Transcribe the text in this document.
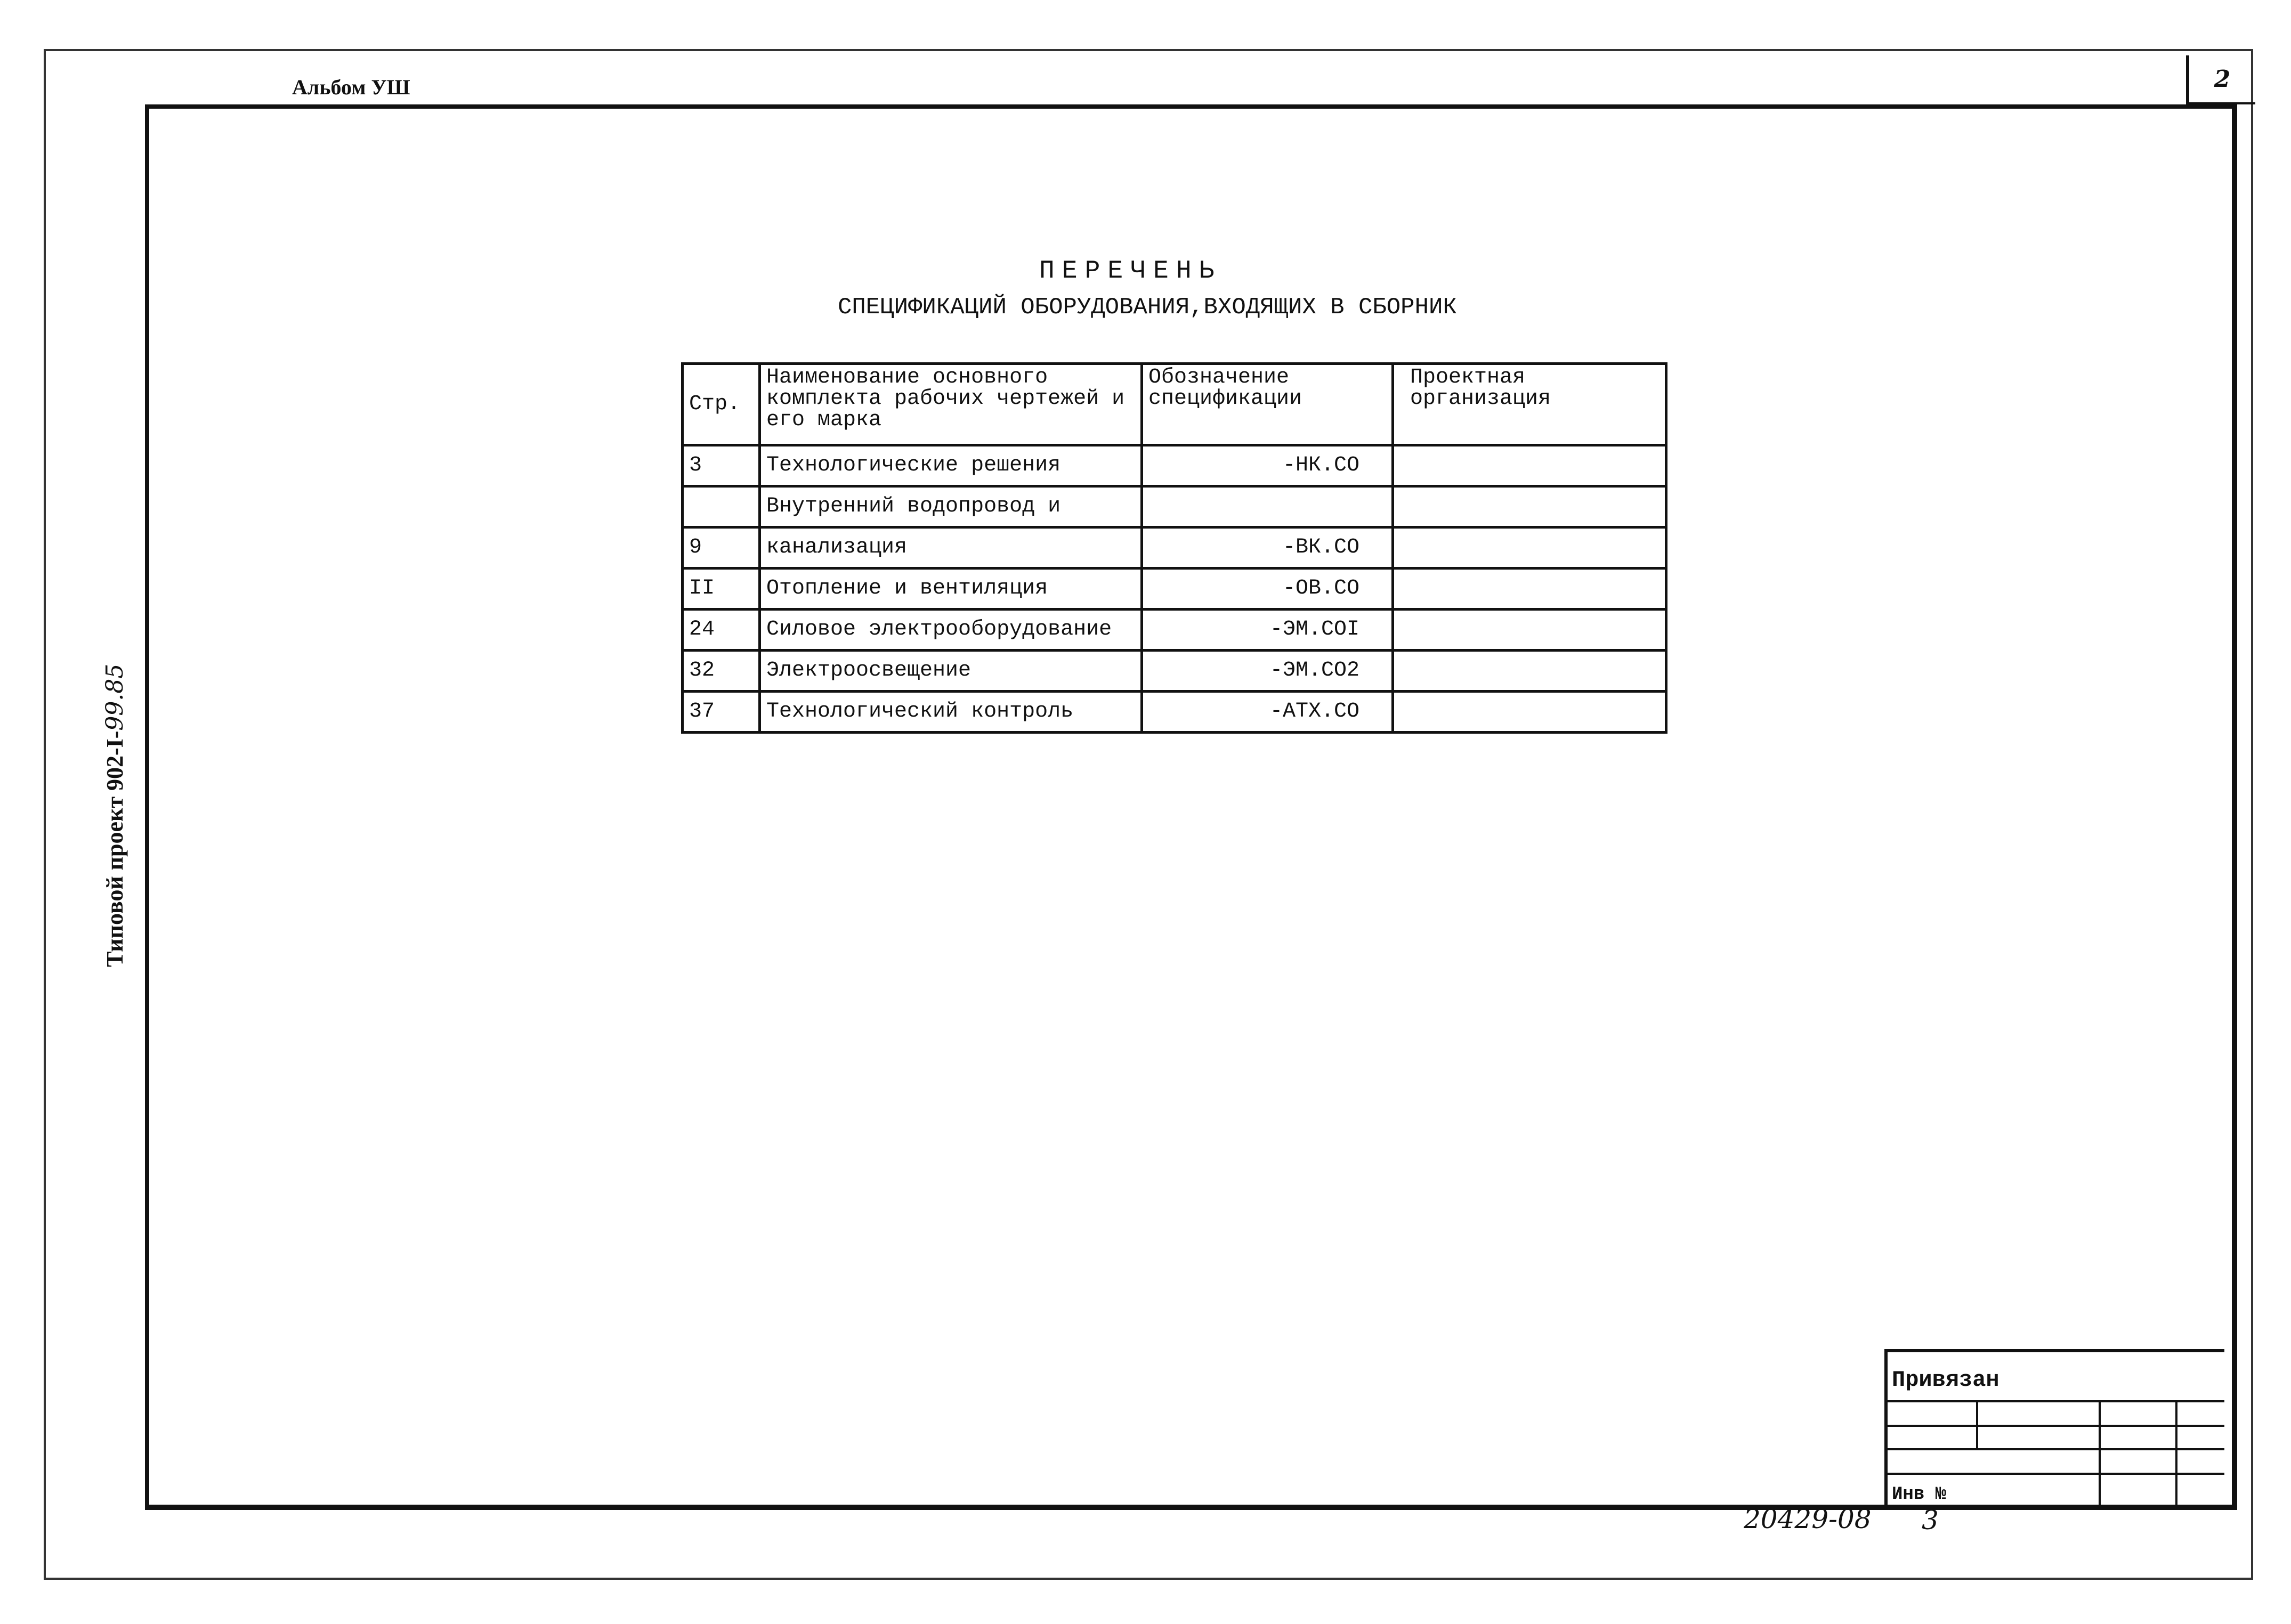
2
Альбом УШ
Типовой проект 902-I-99.85
ПЕРЕЧЕНЬ
СПЕЦИФИКАЦИЙ ОБОРУДОВАНИЯ,ВХОДЯЩИХ В СБОРНИК
Стр.	Наименование основного комплекта рабочих чертежей и его марка	Обозначение спецификации	Проектная организация
3	Технологические решения	-НК.СО	
	Внутренний водопровод и		
9	канализация	-ВК.СО	
II	Отопление и вентиляция	-ОВ.СО	
24	Силовое электрооборудование	-ЭМ.СОI	
32	Электроосвещение	-ЭМ.СО2	
37	Технологический контроль	-АТХ.СО	
Привязан
Инв №
20429-08 3
